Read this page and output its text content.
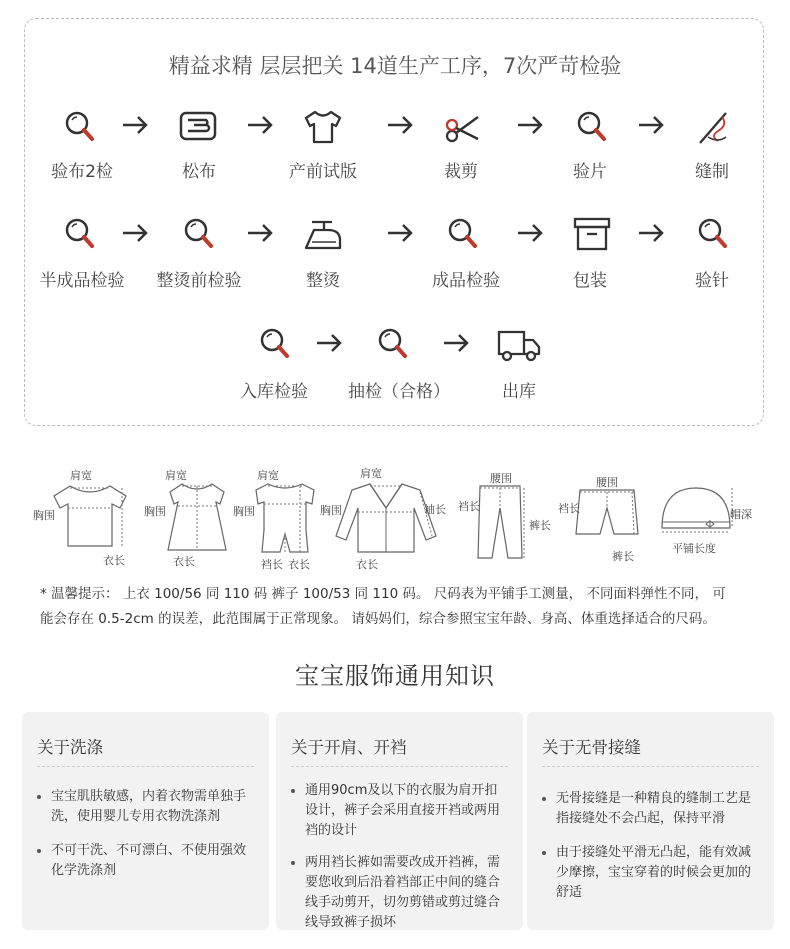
精益求精 层层把关 14道生产工序，7次严苛检验
验布2检	松布	产前试版	裁剪	验片	缝制
半成品检验	整烫前检验	整烫	成品检验	包装	验针
入库检验	抽检（合格）	出库
肩宽
胸围
衣长
肩宽
胸围
衣长
肩宽
胸围
裆长 衣长
肩宽
胸围	袖长
衣长
腰围
裆长
裤长
腰围
裆长
裤长
帽深
平铺长度
* 温馨提示： 上衣 100/56 同 110 码 裤子 100/53 同 110 码。 尺码表为平铺手工测量， 不同面料弹性不同， 可
能会存在 0.5-2cm 的误差，此范围属于正常现象。 请妈妈们，综合参照宝宝年龄、身高、体重选择适合的尺码。
宝宝服饰通用知识
关于洗涤
宝宝肌肤敏感，内着衣物需单独手洗，使用婴儿专用衣物洗涤剂
不可干洗、不可漂白、不使用强效化学洗涤剂
关于开肩、开裆
通用90cm及以下的衣服为肩开扣设计，裤子会采用直接开裆或两用裆的设计
两用裆长裤如需要改成开裆裤，需要您收到后沿着裆部正中间的缝合线手动剪开，切勿剪错或剪过缝合线导致裤子损坏
关于无骨接缝
无骨接缝是一种精良的缝制工艺是指接缝处不会凸起，保持平滑
由于接缝处平滑无凸起，能有效减少摩擦，宝宝穿着的时候会更加的舒适
